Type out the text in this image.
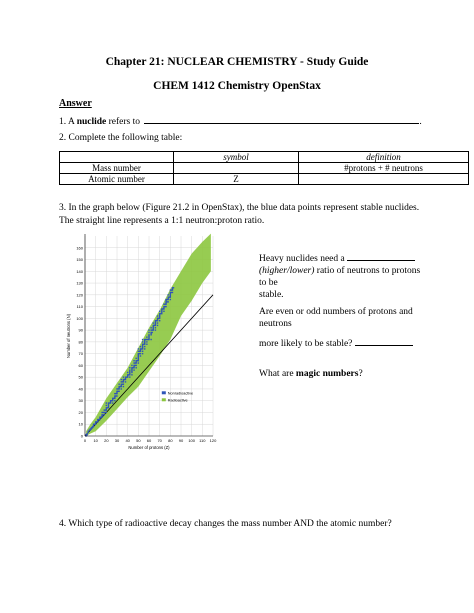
Chapter 21: NUCLEAR CHEMISTRY - Study Guide
CHEM 1412 Chemistry OpenStax
Answer
1. A nuclide refers to	.
2. Complete the following table:
	symbol	definition
Mass number		#protons + # neutrons
Atomic number	Z	
3. In the graph below (Figure 21.2 in OpenStax), the blue data points represent stable nuclides.
The straight line represents a 1:1 neutron:proton ratio.
0
10
20
30
40
50
60
70
80
90
100
110
120
130
140
150
160
0 10 20 30 40 50 60 70 80 90 100 110 120
Number of protons (Z)
Number of neutrons (N)
Nonradioactive
Radioactive
Heavy nuclides need a
(higher/lower) ratio of neutrons to protons to be
stable.
Are even or odd numbers of protons and neutrons
more likely to be stable?
What are magic numbers?
4. Which type of radioactive decay changes the mass number AND the atomic number?
